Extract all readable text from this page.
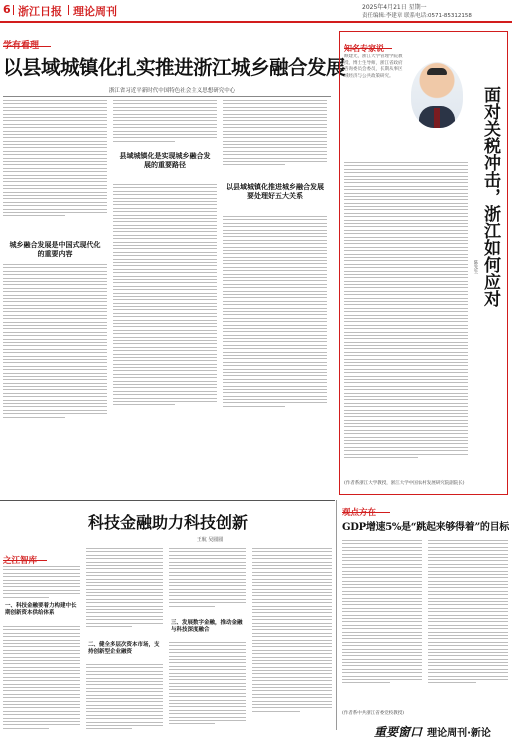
6 浙江日报 理论周刊	2025年4月21日 星期一
责任编辑:李建章 联系电话:0571-85312158
学有看理
以县域城镇化扎实推进浙江城乡融合发展
浙江省习近平新时代中国特色社会主义思想研究中心
城乡融合发展是中国式现代化的重要内容
县域城镇化是实现城乡融合发展的重要路径
以县域城镇化推进城乡融合发展要处理好五大关系
知名专家说
顾建光，浙江大学管理学院教授、博士生导师，浙江省政府咨询委员会委员，长期从事区域经济与公共政策研究。
面对关税冲击，浙江如何应对
陈先生
(作者系浙江大学教授，浙江大学中国农村发展研究院副院长)
科技金融助力科技创新
王航 吴圆圆
之江智库
一、科技金融要着力构建中长期创新资本供给体系
二、健全多层次资本市场，支持创新型企业融资
三、发展数字金融，推动金融与科技深度融合
观点方在
GDP增速5%是“跳起来够得着”的目标
(作者系中共浙江省委党校教授)
重要窗口 理论周刊·新论
